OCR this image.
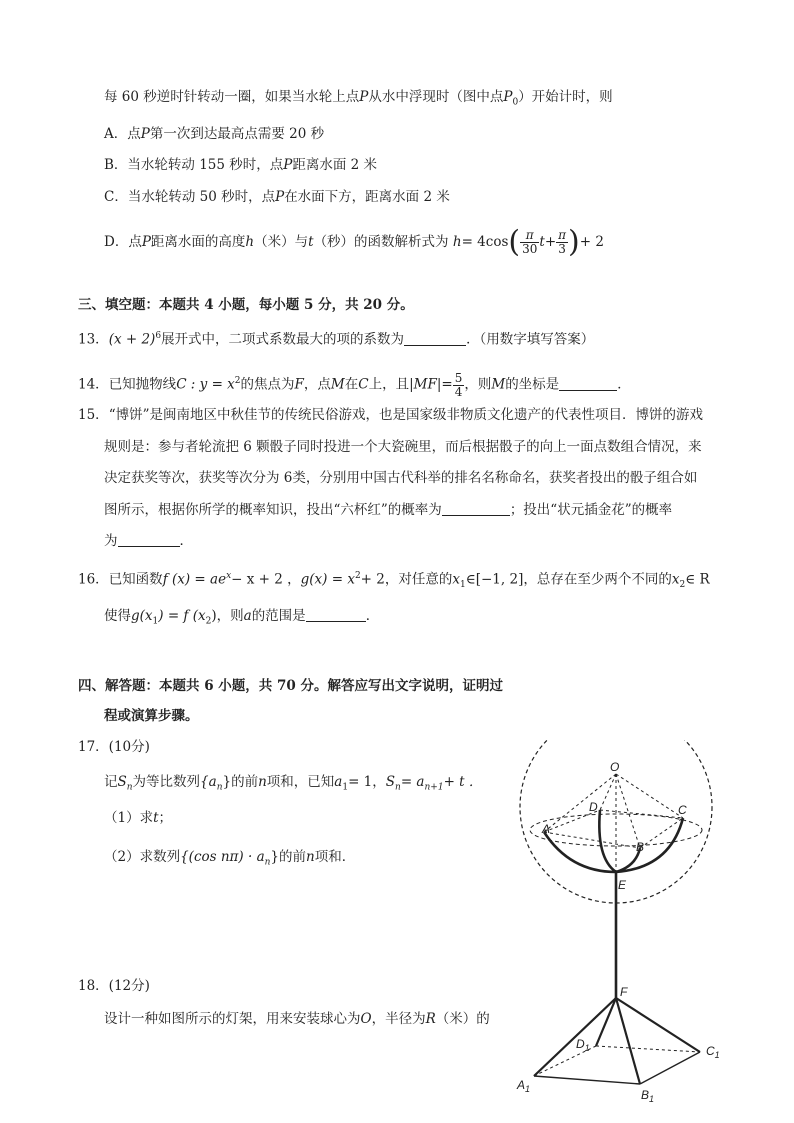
每 60 秒逆时针转动一圈，如果当水轮上点P从水中浮现时（图中点$P_0$）开始计时，则
A．点P第一次到达最高点需要 20 秒
B．当水轮转动 155 秒时，点P距离水面 2 米
C．当水轮转动 50 秒时，点P在水面下方，距离水面 2 米
D．点P距离水面的高度h（米）与t（秒）的函数解析式为 $h= 4\cos( \frac{\pi}{30} t+ \frac{\pi}{3}$ )+ 2
三、填空题：本题共 4 小题，每小题 5 分，共 20 分。
13．$(x + 2)^6$展开式中，二项式系数最大的项的系数为	．（用数字填写答案）
14．已知抛物线C : $y = x^2$的焦点为F，点M在C上，且$|MF|= \frac{5}{4}$ ，则M的坐标是	．
15．“博饼”是闽南地区中秋佳节的传统民俗游戏，也是国家级非物质文化遗产的代表性项目．博饼的游戏
规则是：参与者轮流把 6 颗骰子同时投进一个大瓷碗里，而后根据骰子的向上一面点数组合情况，来
决定获奖等次，获奖等次分为 6类，分别用中国古代科举的排名名称命名，获奖者投出的骰子组合如
图所示，根据你所学的概率知识，投出“六杯红”的概率为	；投出“状元插金花”的概率
为	．
16．已知函数f $(x) = ae^x- x + 2$ ，$g(x) = x^2+ 2$，对任意的$x_1\in[-1$, 2]，总存在至少两个不同的$x_2\in$ R
使得$g(x_1) = f$ $(x_2)$，则a的范围是	．
四、解答题：本题共 6 小题，共 70 分。解答应写出文字说明，证明过
程或演算步骤。
17．(10分)
记$S_n$为等比数列$\{a_n\}$的前n项和，已知$a_1= 1$，$S_n= a_{n+1}+ t$ ．
（1）求t；
（2）求数列{(cos $n\pi) \cdot a_n$}的前n项和．
18．(12分)
设计一种如图所示的灯架，用来安装球心为O，半径为R（米）的
O
A
B
C
D
E
F
$A_1$	$B_1$
$C_1$
$D_1$
